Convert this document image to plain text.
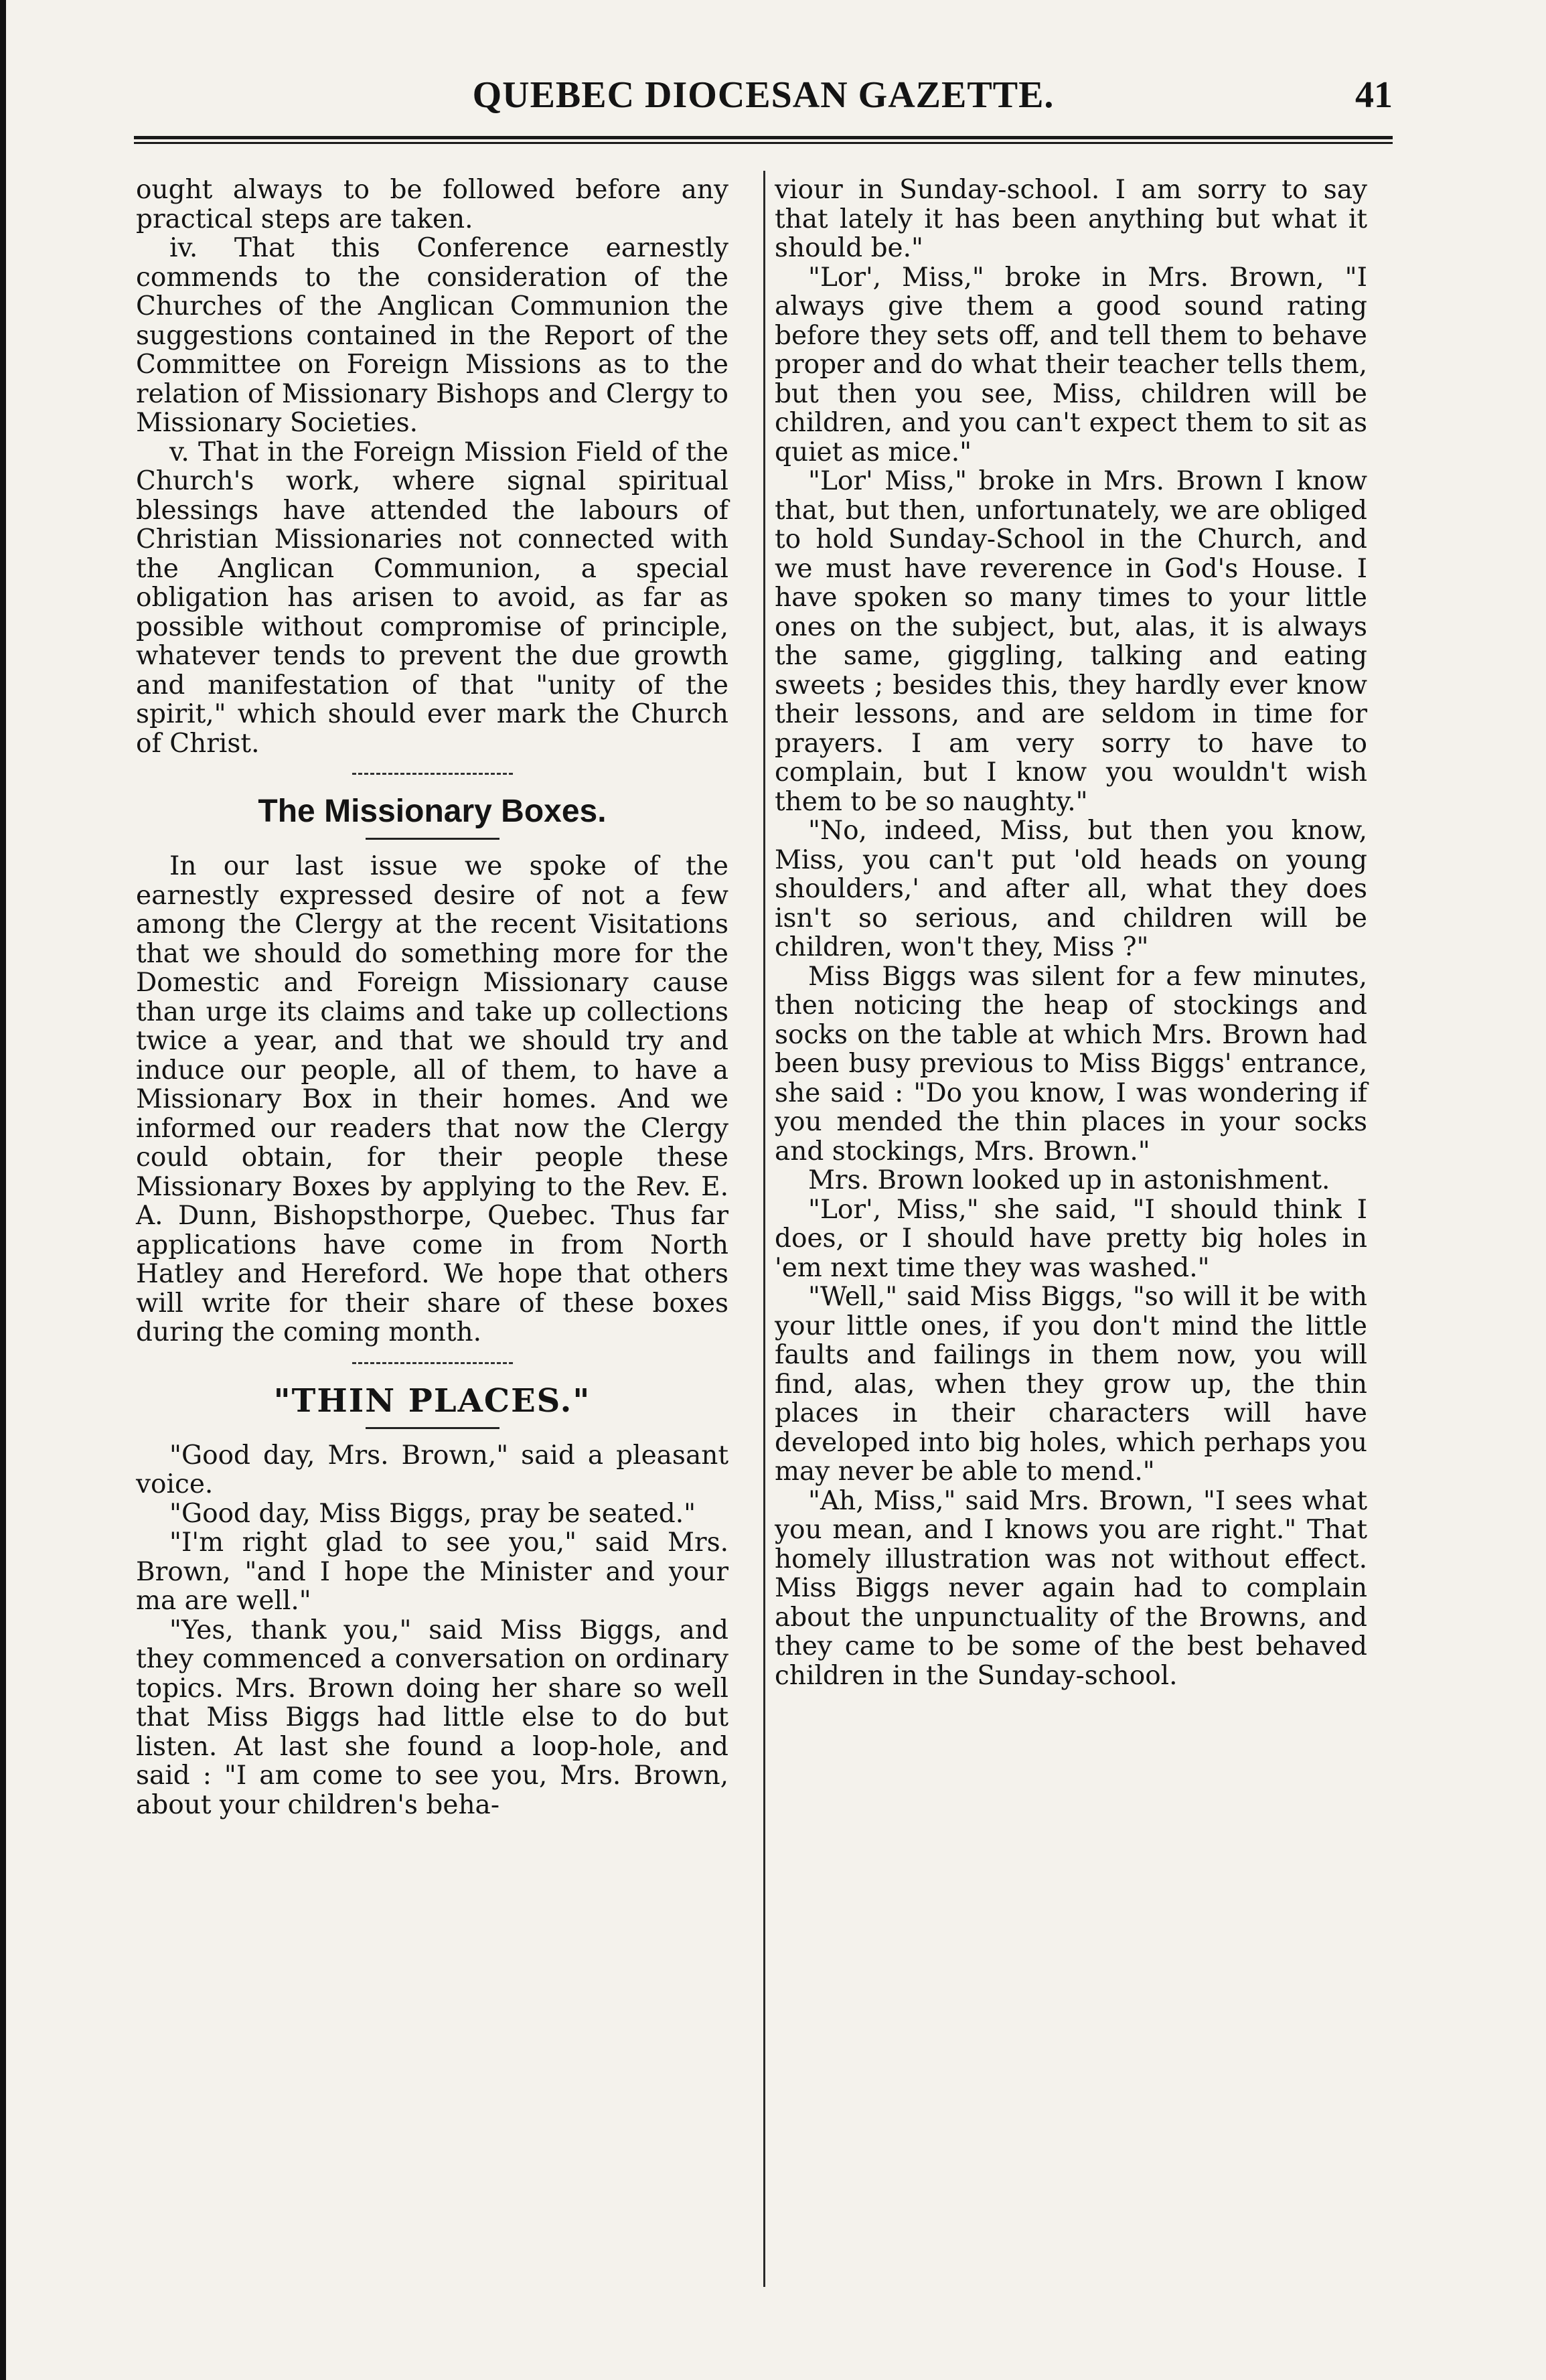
QUEBEC DIOCESAN GAZETTE.	41

ought always to be followed before any practical steps are taken.

iv. That this Conference earnestly commends to the consideration of the Churches of the Anglican Communion the suggestions contained in the Report of the Committee on Foreign Missions as to the relation of Missionary Bishops and Clergy to Missionary Societies.

v. That in the Foreign Mission Field of the Church's work, where signal spiritual blessings have attended the labours of Christian Missionaries not connected with the Anglican Communion, a special obligation has arisen to avoid, as far as possible without compromise of principle, whatever tends to prevent the due growth and manifestation of that "unity of the spirit," which should ever mark the Church of Christ.

The Missionary Boxes.

In our last issue we spoke of the earnestly expressed desire of not a few among the Clergy at the recent Visitations that we should do something more for the Domestic and Foreign Missionary cause than urge its claims and take up collections twice a year, and that we should try and induce our people, all of them, to have a Missionary Box in their homes. And we informed our readers that now the Clergy could obtain, for their people these Missionary Boxes by applying to the Rev. E. A. Dunn, Bishopsthorpe, Quebec. Thus far applications have come in from North Hatley and Hereford. We hope that others will write for their share of these boxes during the coming month.

"THIN PLACES."

"Good day, Mrs. Brown," said a pleasant voice.

"Good day, Miss Biggs, pray be seated."

"I'm right glad to see you," said Mrs. Brown, "and I hope the Minister and your ma are well."

"Yes, thank you," said Miss Biggs, and they commenced a conversation on ordinary topics. Mrs. Brown doing her share so well that Miss Biggs had little else to do but listen. At last she found a loop-hole, and said : "I am come to see you, Mrs. Brown, about your children's beha-

viour in Sunday-school. I am sorry to say that lately it has been anything but what it should be."

"Lor', Miss," broke in Mrs. Brown, "I always give them a good sound rating before they sets off, and tell them to behave proper and do what their teacher tells them, but then you see, Miss, children will be children, and you can't expect them to sit as quiet as mice."

"Lor' Miss," broke in Mrs. Brown I know that, but then, unfortunately, we are obliged to hold Sunday-School in the Church, and we must have reverence in God's House. I have spoken so many times to your little ones on the subject, but, alas, it is always the same, giggling, talking and eating sweets ; besides this, they hardly ever know their lessons, and are seldom in time for prayers. I am very sorry to have to complain, but I know you wouldn't wish them to be so naughty."

"No, indeed, Miss, but then you know, Miss, you can't put 'old heads on young shoulders,' and after all, what they does isn't so serious, and children will be children, won't they, Miss ?"

Miss Biggs was silent for a few minutes, then noticing the heap of stockings and socks on the table at which Mrs. Brown had been busy previous to Miss Biggs' entrance, she said : "Do you know, I was wondering if you mended the thin places in your socks and stockings, Mrs. Brown."

Mrs. Brown looked up in astonishment.

"Lor', Miss," she said, "I should think I does, or I should have pretty big holes in 'em next time they was washed."

"Well," said Miss Biggs, "so will it be with your little ones, if you don't mind the little faults and failings in them now, you will find, alas, when they grow up, the thin places in their characters will have developed into big holes, which perhaps you may never be able to mend."

"Ah, Miss," said Mrs. Brown, "I sees what you mean, and I knows you are right." That homely illustration was not without effect. Miss Biggs never again had to complain about the unpunctuality of the Browns, and they came to be some of the best behaved children in the Sunday-school.
